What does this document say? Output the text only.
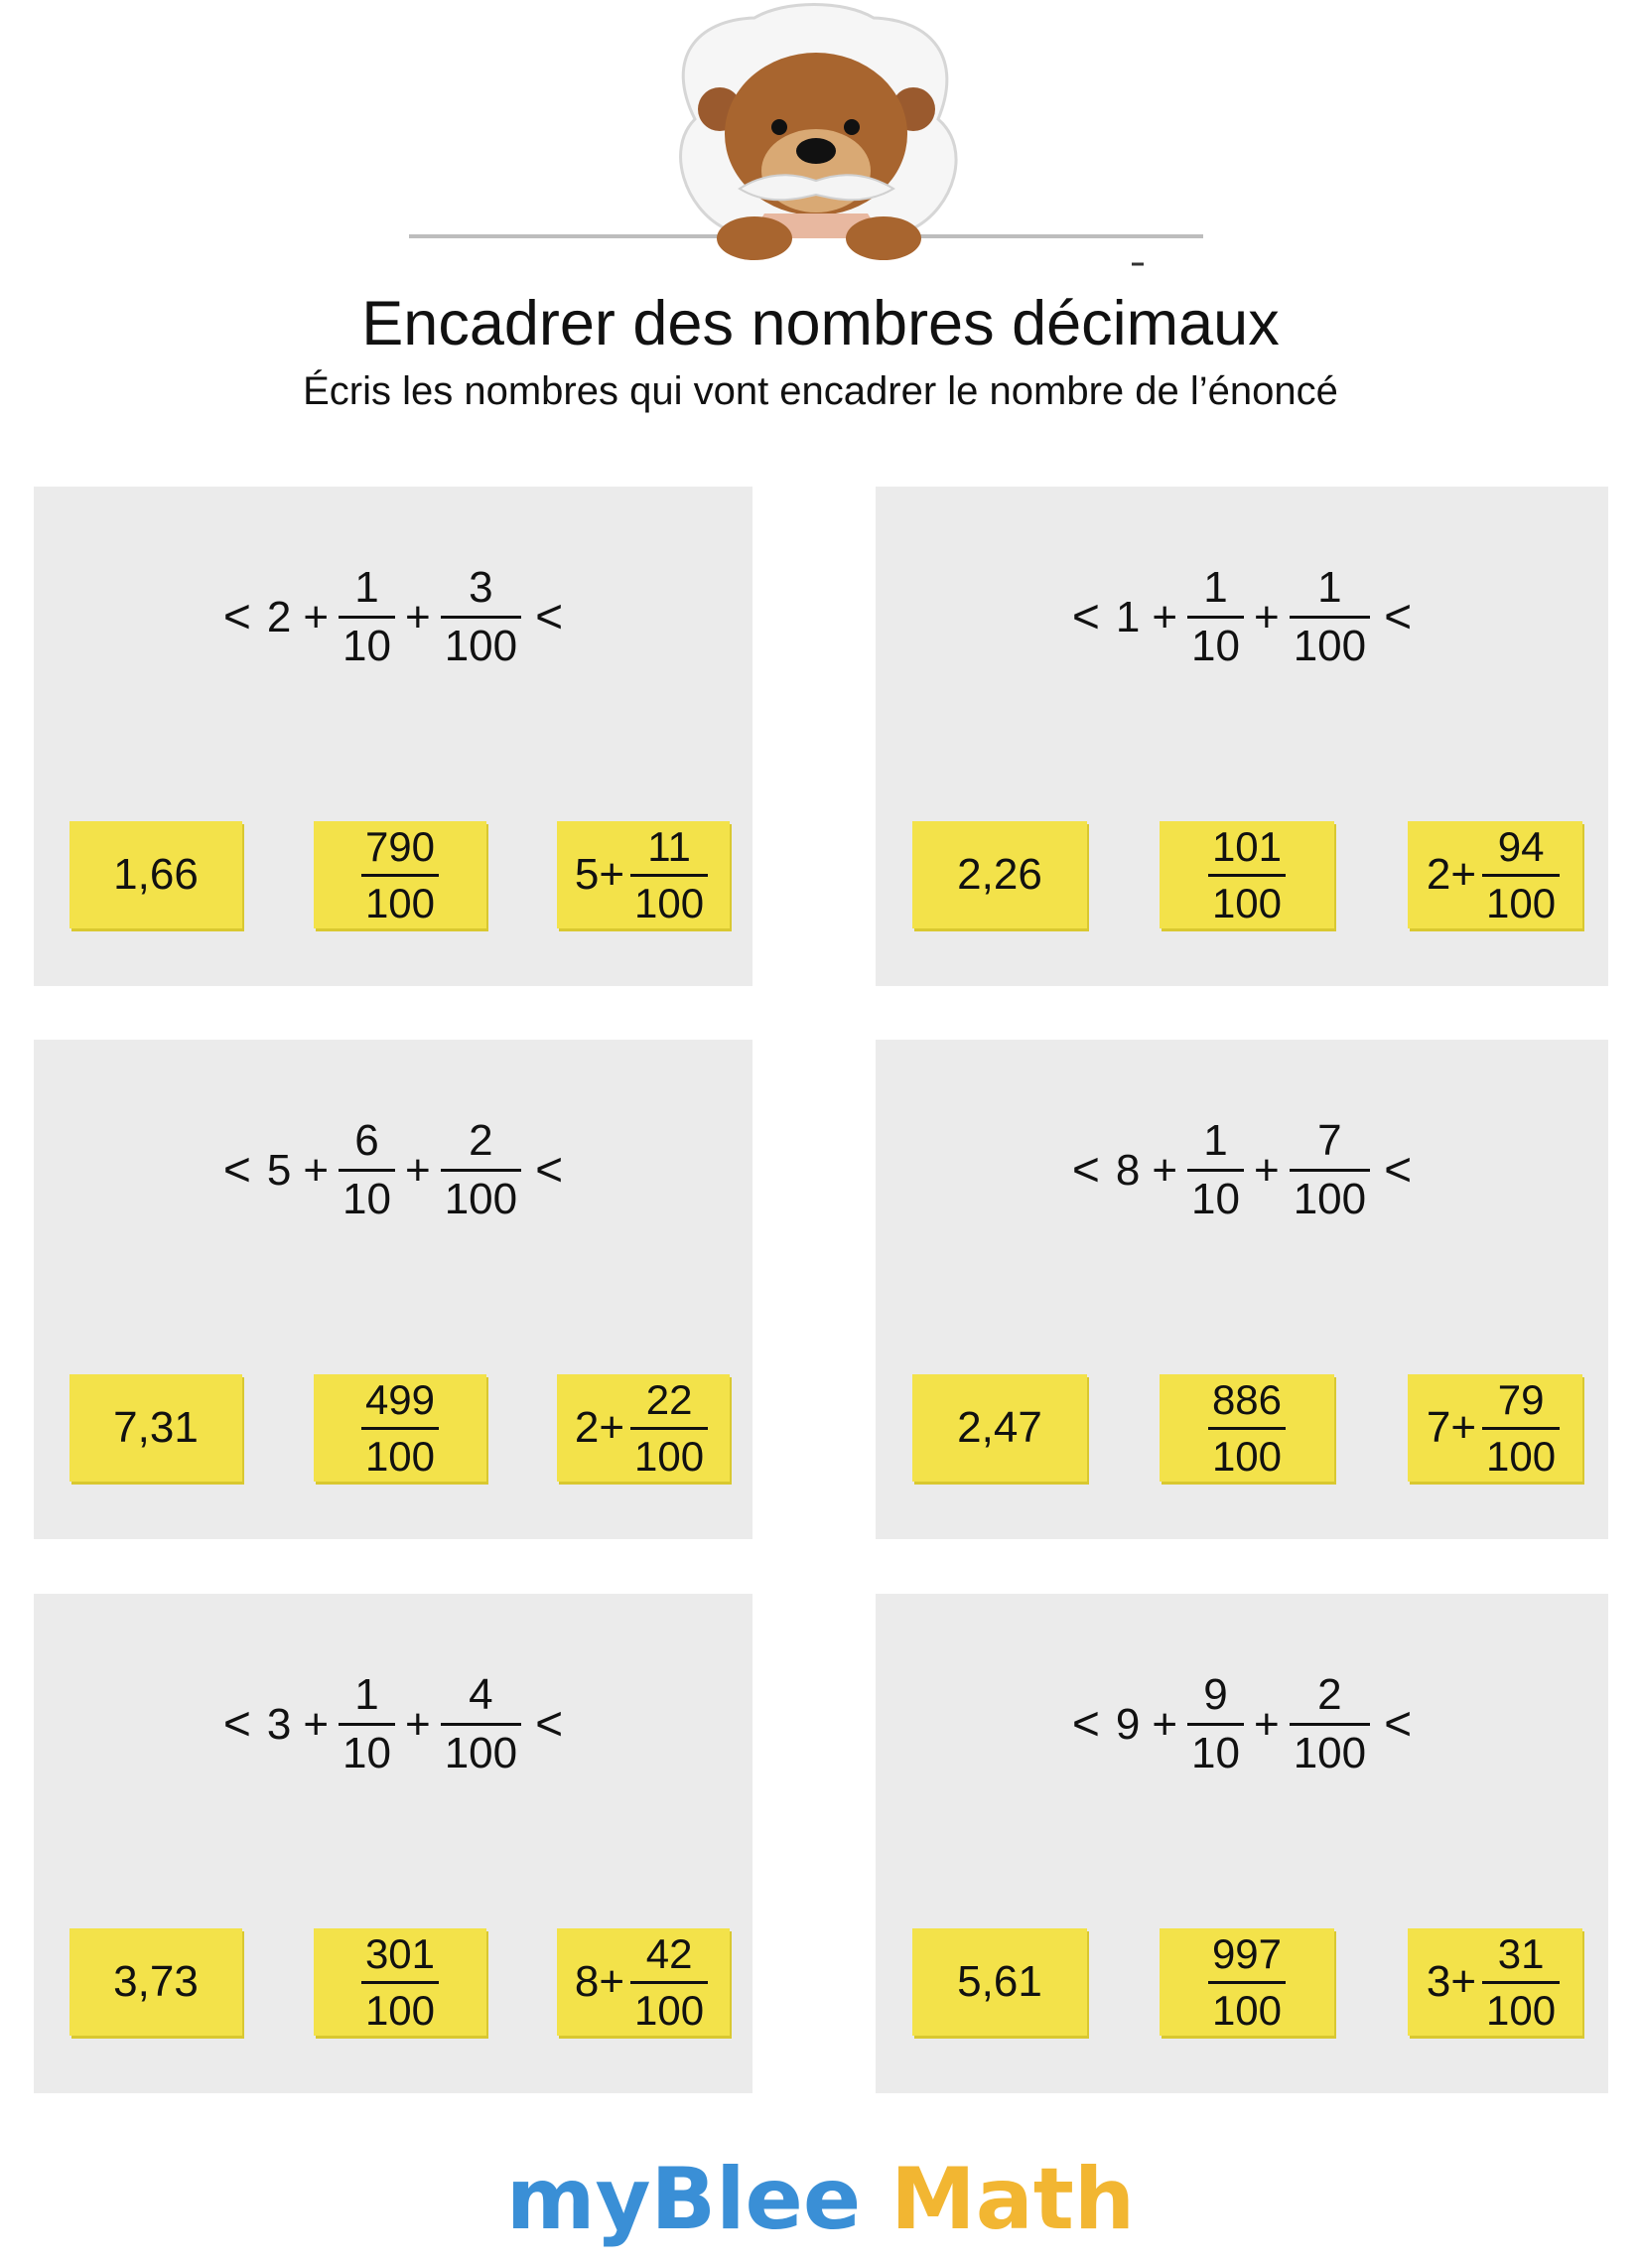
Encadrer des nombres décimaux
Écris les nombres qui vont encadrer le nombre de l’énoncé
< $2 + \frac{1}{10} + \frac{3}{100}$ <
1,66	$\frac{790}{100}$	$5+ \frac{11}{100}$
< $1 + \frac{1}{10} + \frac{1}{100}$ <
2,26	$\frac{101}{100}$	$2+ \frac{94}{100}$
< $5 + \frac{6}{10} + \frac{2}{100}$ <
7,31	$\frac{499}{100}$	$2+ \frac{22}{100}$
< $8 + \frac{1}{10} + \frac{7}{100}$ <
2,47	$\frac{886}{100}$	$7+ \frac{79}{100}$
< $3 + \frac{1}{10} + \frac{4}{100}$ <
3,73	$\frac{301}{100}$	$8+ \frac{42}{100}$
< $9 + \frac{9}{10} + \frac{2}{100}$ <
5,61	$\frac{997}{100}$	$3+ \frac{31}{100}$
myBlee Math
